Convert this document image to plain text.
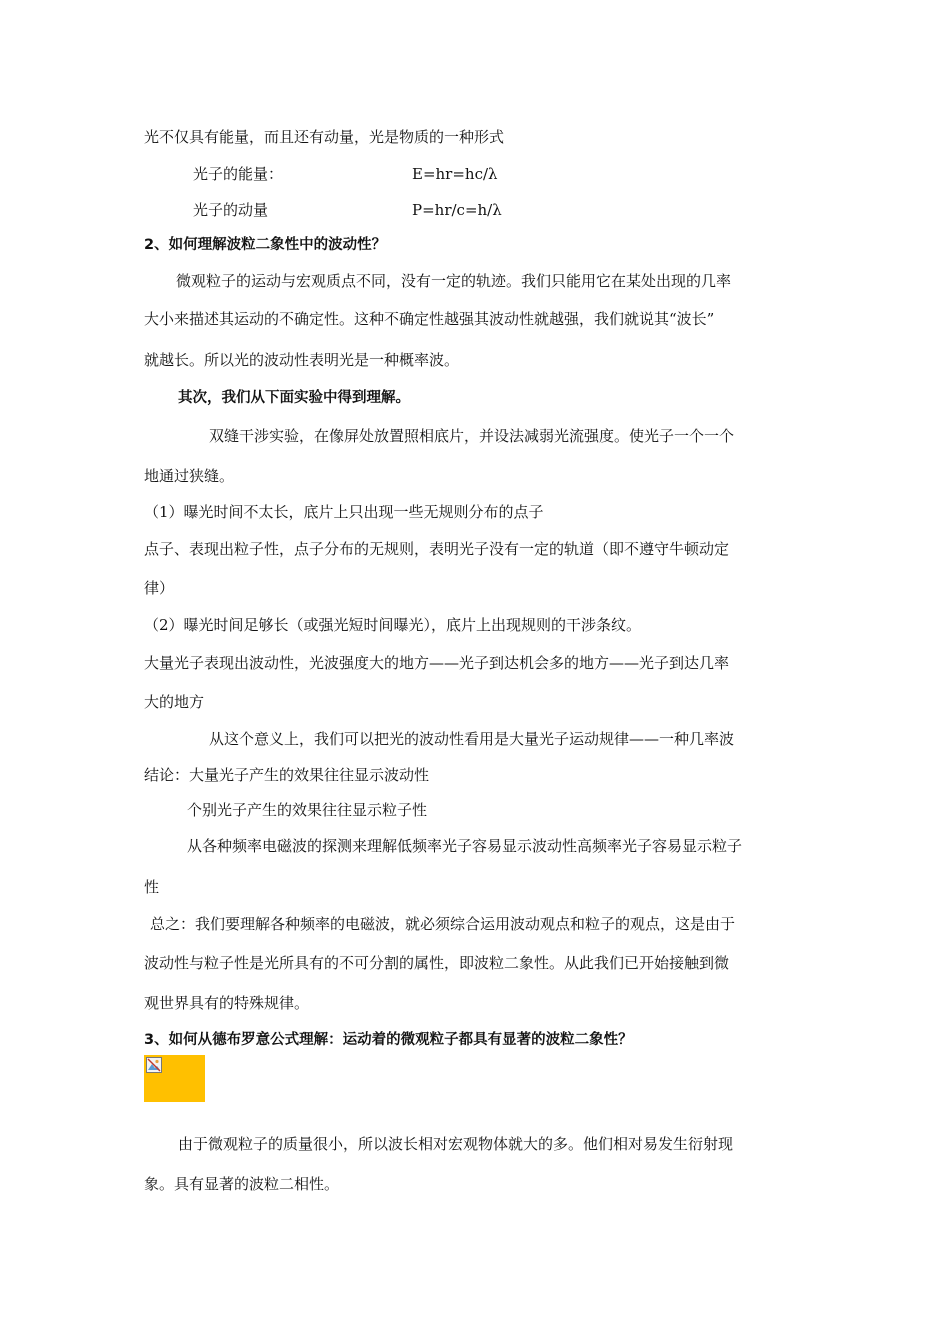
光不仅具有能量，而且还有动量，光是物质的一种形式
光子的能量：	E=hr=hc/λ
光子的动量	P=hr/c=h/λ
2、如何理解波粒二象性中的波动性？
微观粒子的运动与宏观质点不同，没有一定的轨迹。我们只能用它在某处出现的几率
大小来描述其运动的不确定性。这种不确定性越强其波动性就越强，我们就说其“波长”
就越长。所以光的波动性表明光是一种概率波。
其次，我们从下面实验中得到理解。
双缝干涉实验，在像屏处放置照相底片，并设法减弱光流强度。使光子一个一个
地通过狭缝。
（1）曝光时间不太长，底片上只出现一些无规则分布的点子
点子、表现出粒子性，点子分布的无规则，表明光子没有一定的轨道（即不遵守牛顿动定
律）
（2）曝光时间足够长（或强光短时间曝光），底片上出现规则的干涉条纹。
大量光子表现出波动性，光波强度大的地方——光子到达机会多的地方——光子到达几率
大的地方
从这个意义上，我们可以把光的波动性看用是大量光子运动规律——一种几率波
结论：大量光子产生的效果往往显示波动性
个别光子产生的效果往往显示粒子性
从各种频率电磁波的探测来理解低频率光子容易显示波动性高频率光子容易显示粒子
性
总之：我们要理解各种频率的电磁波，就必须综合运用波动观点和粒子的观点，这是由于
波动性与粒子性是光所具有的不可分割的属性，即波粒二象性。从此我们已开始接触到微
观世界具有的特殊规律。
3、如何从德布罗意公式理解：运动着的微观粒子都具有显著的波粒二象性？
由于微观粒子的质量很小，所以波长相对宏观物体就大的多。他们相对易发生衍射现
象。具有显著的波粒二相性。
